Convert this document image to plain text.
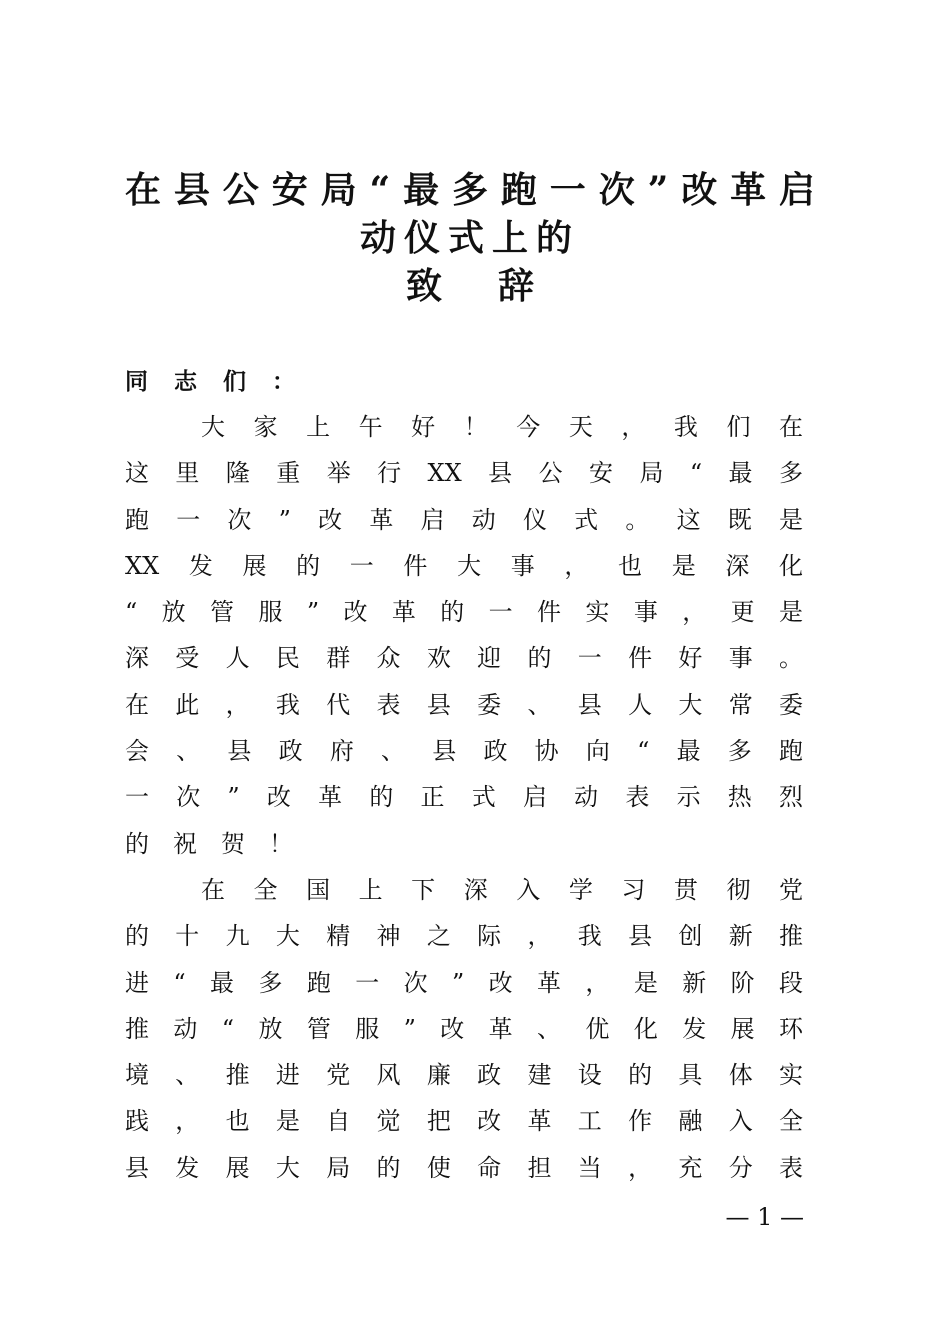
在县公安局“最多跑一次”改革启
动仪式上的
致辞
同志们：
大家上午好！今天，我们在
这里隆重举行XX县公安局“最多
跑一次”改革启动仪式。这既是
XX发展的一件大事，也是深化
“放管服”改革的一件实事，更是
深受人民群众欢迎的一件好事。
在此，我代表县委、县人大常委
会、县政府、县政协向“最多跑
一次”改革的正式启动表示热烈
的祝贺！
在全国上下深入学习贯彻党
的十九大精神之际，我县创新推
进“最多跑一次”改革，是新阶段
推动“放管服”改革、优化发展环
境、推进党风廉政建设的具体实
践，也是自觉把改革工作融入全
县发展大局的使命担当，充分表
— 1 —
